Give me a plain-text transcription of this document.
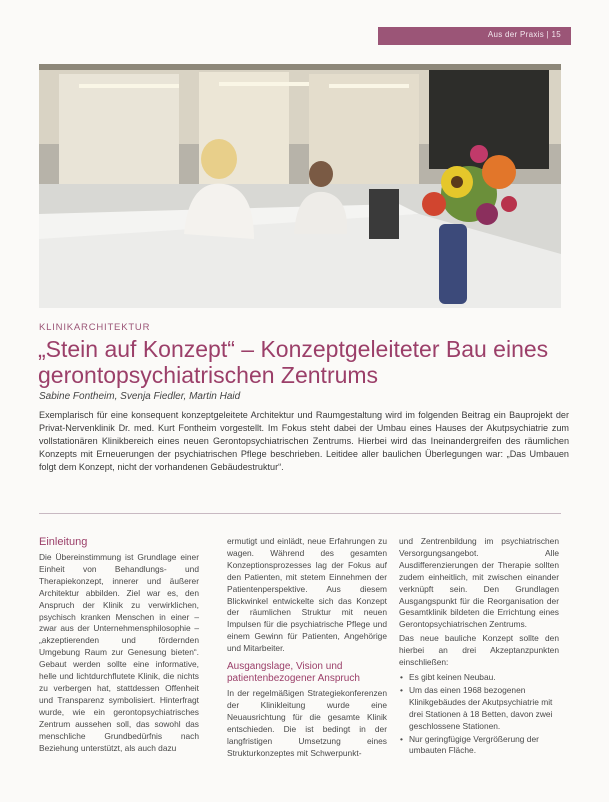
Aus der Praxis | 15
KLINIKARCHITEKTUR
„Stein auf Konzept“ – Konzeptgeleiteter Bau eines gerontopsychiatrischen Zentrums
Sabine Fontheim, Svenja Fiedler, Martin Haid
Exemplarisch für eine konsequent konzeptgeleitete Architektur und Raumgestaltung wird im folgenden Beitrag ein Bauprojekt der Privat-Nervenklinik Dr. med. Kurt Fontheim vorgestellt. Im Fokus steht dabei der Umbau eines Hauses der Akutpsychiatrie zum vollstationären Klinikbereich eines neuen Gerontopsychiatrischen Zentrums. Hierbei wird das Ineinandergreifen des räumlichen Konzepts mit Erneuerungen der psychiatrischen Pflege beschrieben. Leitidee aller baulichen Überlegungen war: „Das Umbauen folgt dem Konzept, nicht der vorhandenen Gebäudestruktur“.
Einleitung

Die Übereinstimmung ist Grundlage einer Einheit von Behandlungs- und Therapiekonzept, innerer und äußerer Architektur abbilden. Ziel war es, den Anspruch der Klinik zu verwirklichen, psychisch kranken Menschen in einer – zwar aus der Unternehmensphilosophie – „akzeptierenden und fördernden Umgebung Raum zur Genesung bieten“. Gebaut werden sollte eine informative, helle und lichtdurchflutete Klinik, die nichts zu verbergen hat, stattdessen Offenheit und Transparenz symbolisiert. Hinterfragt wurde, wie ein gerontopsychiatrisches Zentrum aussehen soll, das sowohl das menschliche Grundbedürfnis nach Beziehung unterstützt, als auch dazu

ermutigt und einlädt, neue Erfahrungen zu wagen. Während des gesamten Konzeptionsprozesses lag der Fokus auf den Patienten, mit stetem Einnehmen der Patientenperspektive. Aus diesem Blickwinkel entwickelte sich das Konzept der räumlichen Struktur mit neuen Impulsen für die psychiatrische Pflege und einem Gewinn für Patienten, Angehörige und Mitarbeiter.

Ausgangslage, Vision und patientenbezogener Anspruch

In der regelmäßigen Strategiekonferenzen der Klinikleitung wurde eine Neuausrichtung für die gesamte Klinik entschieden. Die ist bedingt in der langfristigen Umsetzung eines Strukturkonzeptes mit Schwerpunkt-

und Zentrenbildung im psychiatrischen Versorgungsangebot. Alle Ausdifferenzierungen der Therapie sollten zudem einheitlich, mit zwischen einander verknüpft sein. Den Grundlagen Ausgangspunkt für die Reorganisation der Gesamtklinik bildeten die Errichtung eines Gerontopsychiatrischen Zentrums.

Das neue bauliche Konzept sollte den hierbei an drei Akzeptanzpunkten einschließen:

• Es gibt keinen Neubau.
• Um das einen 1968 bezogenen Klinikgebäudes der Akutpsychiatrie mit drei Stationen à 18 Betten, davon zwei geschlossene Stationen.
• Nur geringfügige Vergrößerung der umbauten Fläche.
